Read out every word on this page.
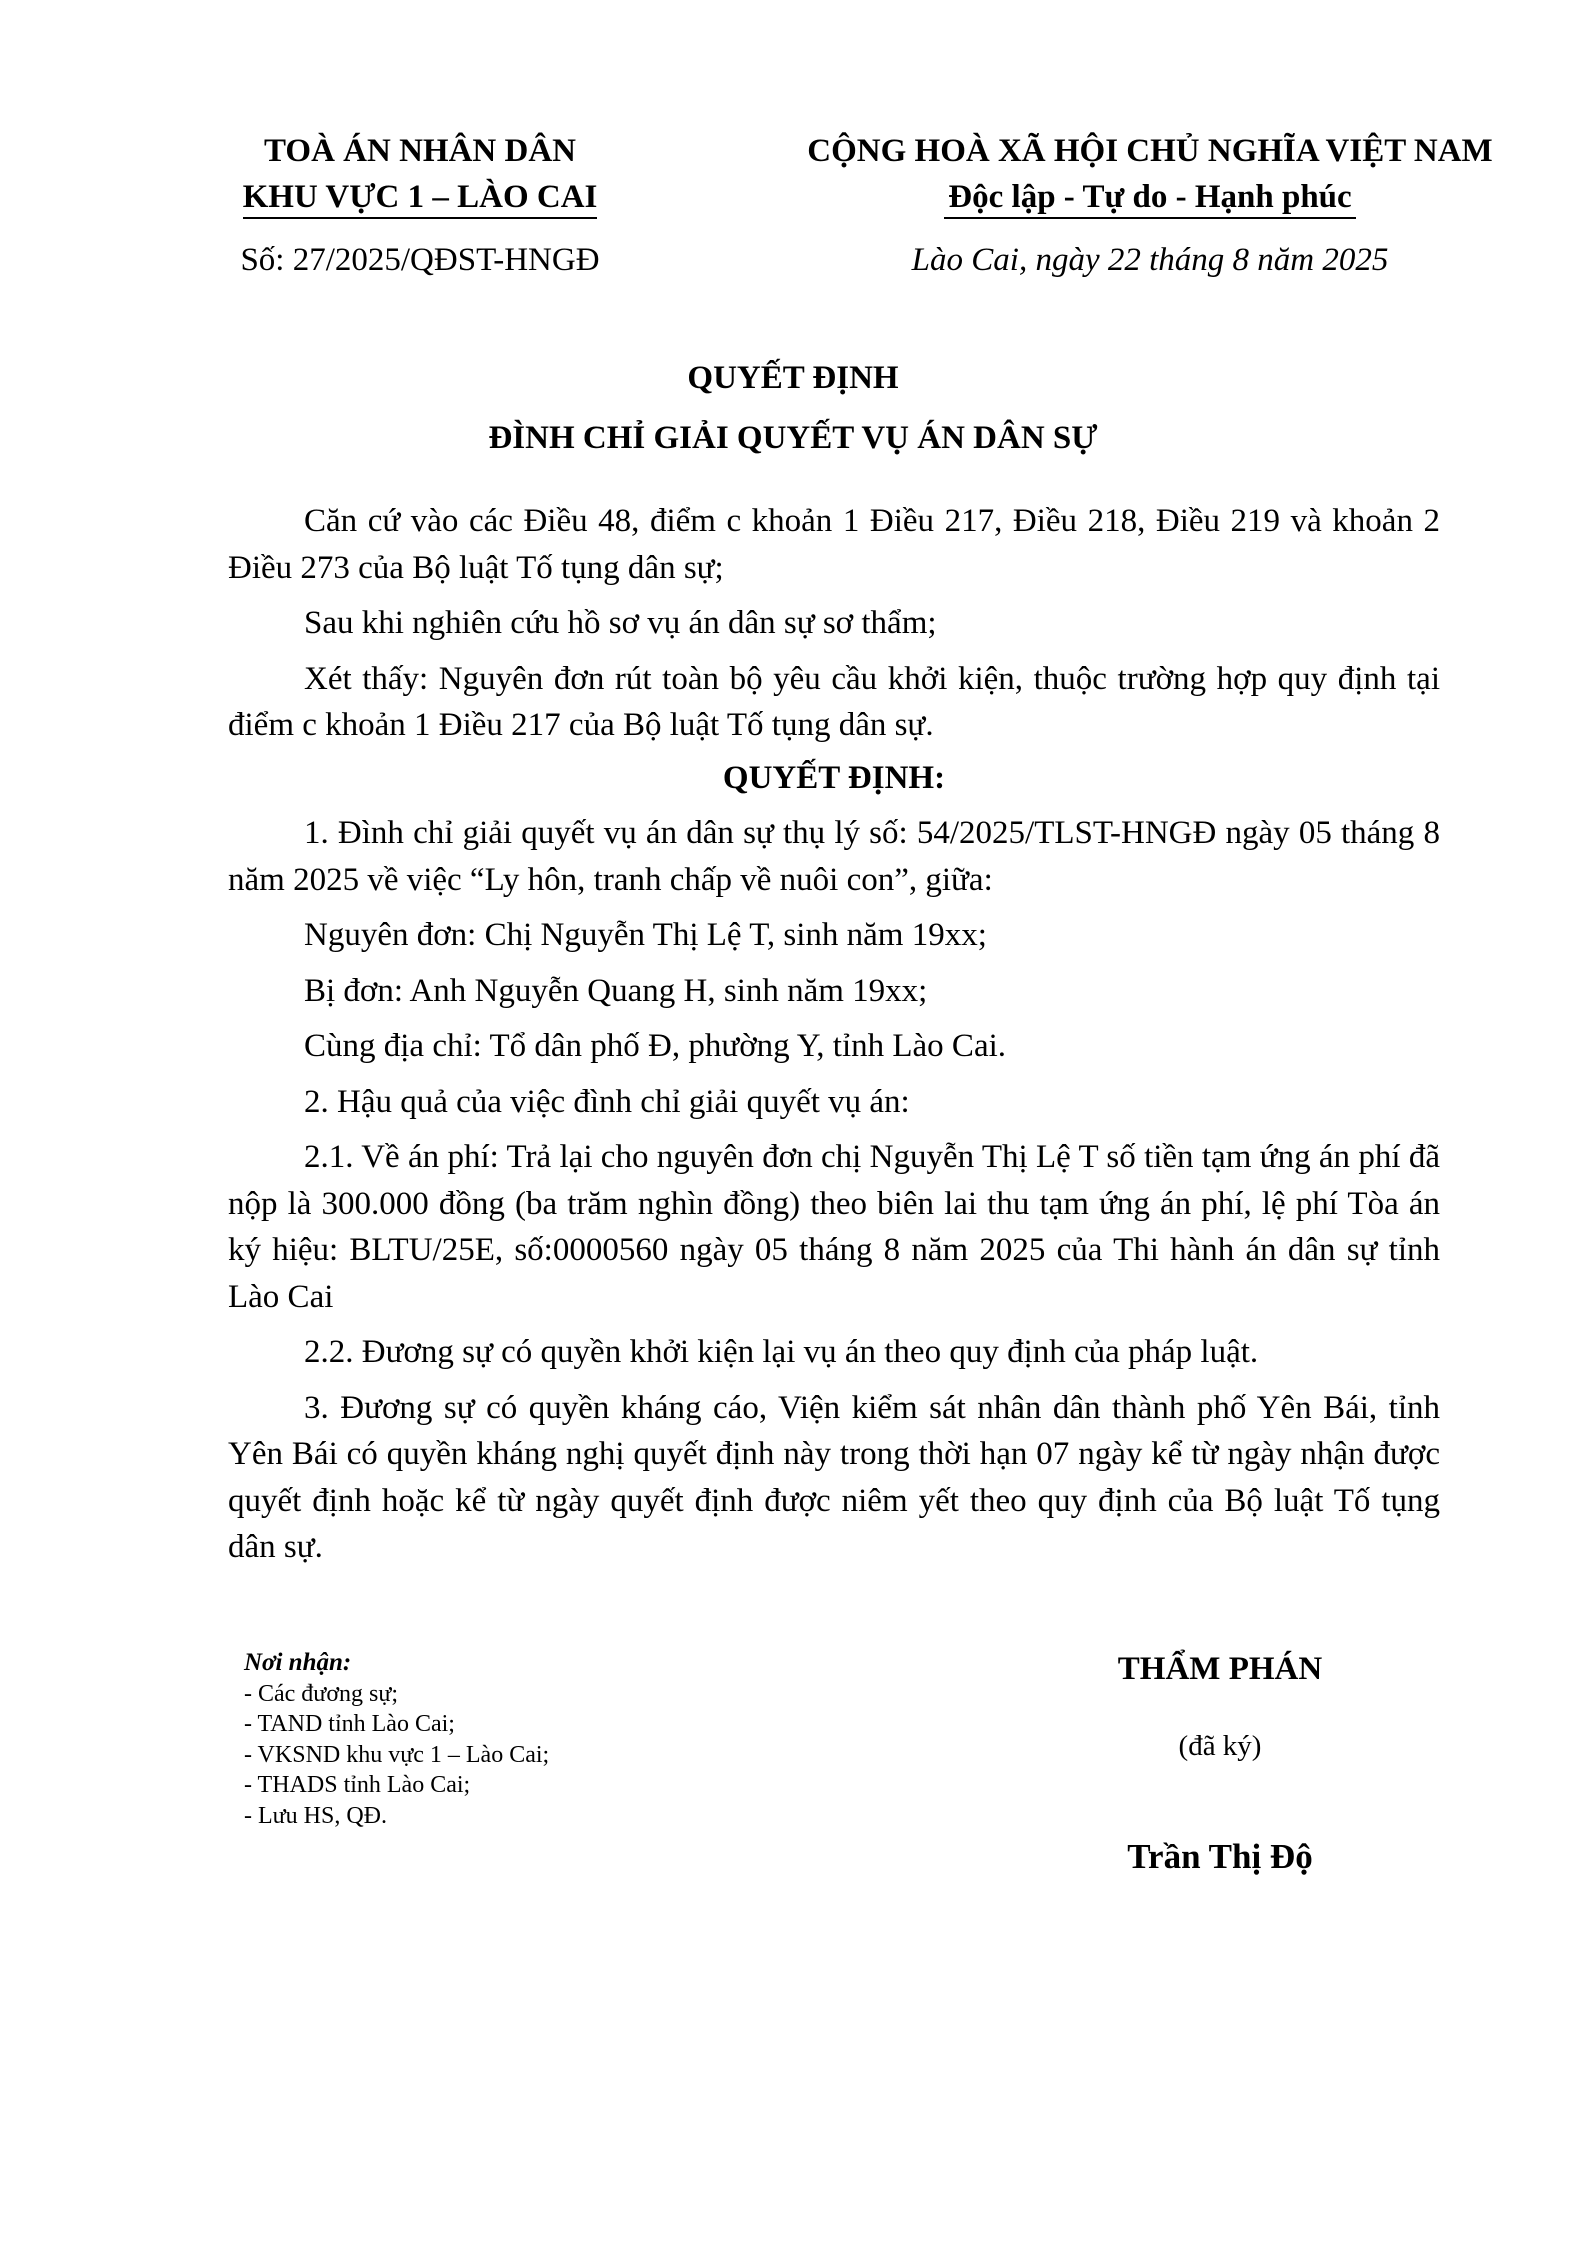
TOÀ ÁN NHÂN DÂN
KHU VỰC 1 – LÀO CAI
Số: 27/2025/QĐST-HNGĐ
CỘNG HOÀ XÃ HỘI CHỦ NGHĨA VIỆT NAM
Độc lập - Tự do - Hạnh phúc
Lào Cai, ngày 22 tháng 8 năm 2025
QUYẾT ĐỊNH
ĐÌNH CHỈ GIẢI QUYẾT VỤ ÁN DÂN SỰ

Căn cứ vào các Điều 48, điểm c khoản 1 Điều 217, Điều 218, Điều 219 và khoản 2 Điều 273 của Bộ luật Tố tụng dân sự;

Sau khi nghiên cứu hồ sơ vụ án dân sự sơ thẩm;

Xét thấy: Nguyên đơn rút toàn bộ yêu cầu khởi kiện, thuộc trường hợp quy định tại điểm c khoản 1 Điều 217 của Bộ luật Tố tụng dân sự.

QUYẾT ĐỊNH:

1. Đình chỉ giải quyết vụ án dân sự thụ lý số: 54/2025/TLST-HNGĐ ngày 05 tháng 8 năm 2025 về việc “Ly hôn, tranh chấp về nuôi con”, giữa:

Nguyên đơn: Chị Nguyễn Thị Lệ T, sinh năm 19xx;

Bị đơn: Anh Nguyễn Quang H, sinh năm 19xx;

Cùng địa chỉ: Tổ dân phố Đ, phường Y, tỉnh Lào Cai.

2. Hậu quả của việc đình chỉ giải quyết vụ án:

2.1. Về án phí: Trả lại cho nguyên đơn chị Nguyễn Thị Lệ T số tiền tạm ứng án phí đã nộp là 300.000 đồng (ba trăm nghìn đồng) theo biên lai thu tạm ứng án phí, lệ phí Tòa án ký hiệu: BLTU/25E, số:0000560 ngày 05 tháng 8 năm 2025 của Thi hành án dân sự tỉnh Lào Cai

2.2. Đương sự có quyền khởi kiện lại vụ án theo quy định của pháp luật.

3. Đương sự có quyền kháng cáo, Viện kiểm sát nhân dân thành phố Yên Bái, tỉnh Yên Bái có quyền kháng nghị quyết định này trong thời hạn 07 ngày kể từ ngày nhận được quyết định hoặc kể từ ngày quyết định được niêm yết theo quy định của Bộ luật Tố tụng dân sự.

Nơi nhận:
- Các đương sự;
- TAND tỉnh Lào Cai;
- VKSND khu vực 1 – Lào Cai;
- THADS tỉnh Lào Cai;
- Lưu HS, QĐ.
THẨM PHÁN
(đã ký)
Trần Thị Độ
